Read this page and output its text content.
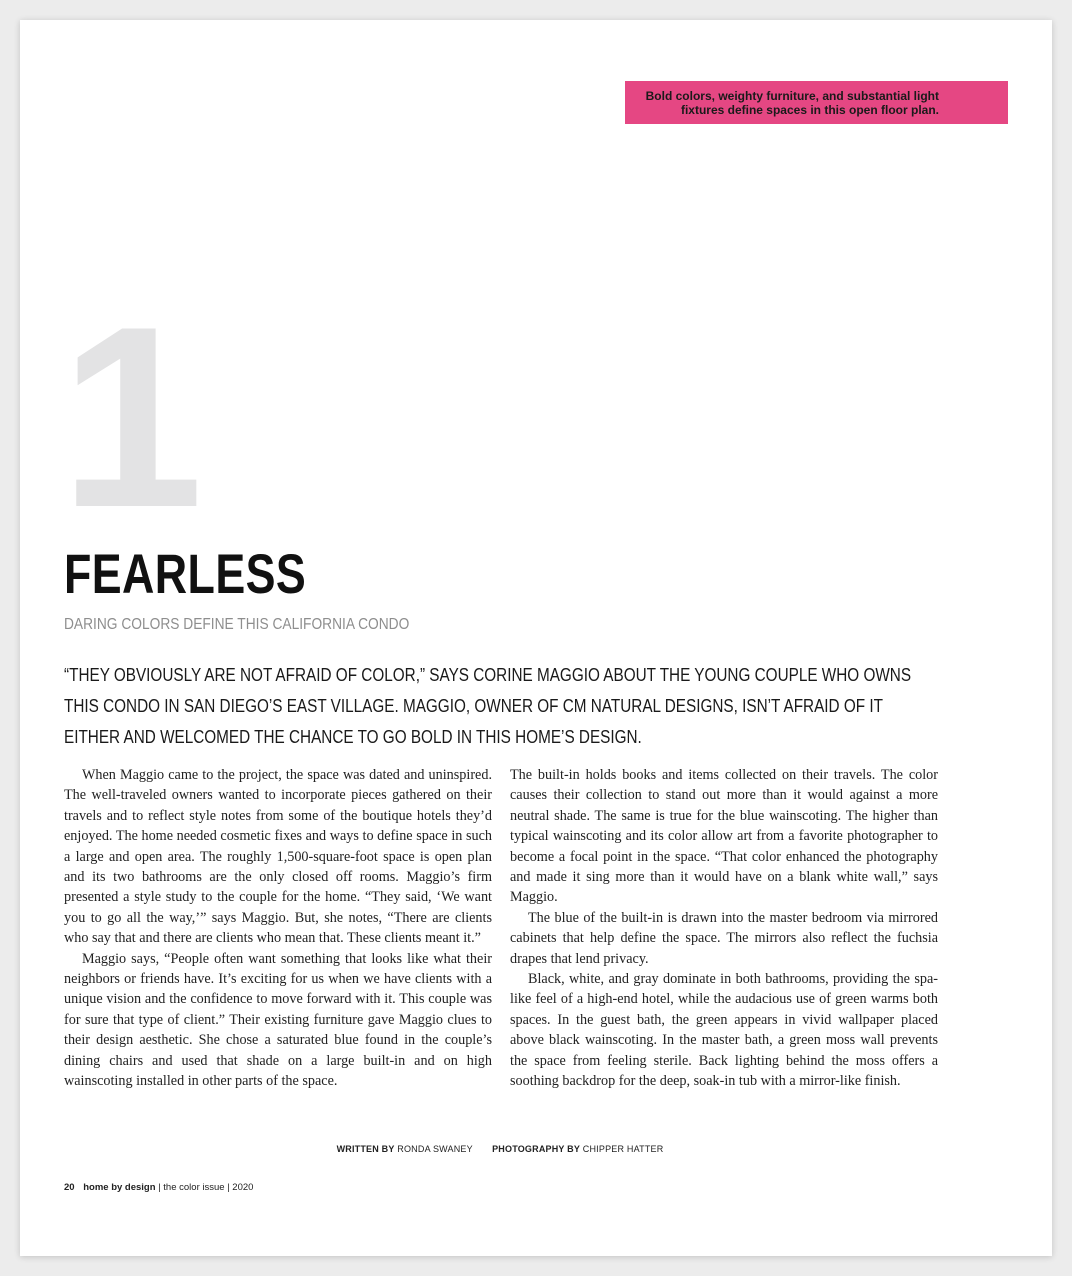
Bold colors, weighty furniture, and substantial light fixtures define spaces in this open floor plan.
1
FEARLESS
DARING COLORS DEFINE THIS CALIFORNIA CONDO
“THEY OBVIOUSLY ARE NOT AFRAID OF COLOR,” SAYS CORINE MAGGIO ABOUT THE YOUNG COUPLE WHO OWNS THIS CONDO IN SAN DIEGO’S EAST VILLAGE. MAGGIO, OWNER OF CM NATURAL DESIGNS, ISN’T AFRAID OF IT EITHER AND WELCOMED THE CHANCE TO GO BOLD IN THIS HOME’S DESIGN.

When Maggio came to the project, the space was dated and uninspired. The well-traveled owners wanted to incorporate pieces gathered on their travels and to reflect style notes from some of the boutique hotels they’d enjoyed. The home needed cosmetic fixes and ways to define space in such a large and open area. The roughly 1,500-square-foot space is open plan and its two bathrooms are the only closed off rooms. Maggio’s firm presented a style study to the couple for the home. “They said, ‘We want you to go all the way,’” says Maggio. But, she notes, “There are clients who say that and there are clients who mean that. These clients meant it.”

Maggio says, “People often want something that looks like what their neighbors or friends have. It’s exciting for us when we have clients with a unique vision and the confidence to move forward with it. This couple was for sure that type of client.” Their existing furniture gave Maggio clues to their design aesthetic. She chose a saturated blue found in the couple’s dining chairs and used that shade on a large built-in and on high wainscoting installed in other parts of the space.

The built-in holds books and items collected on their travels. The color causes their collection to stand out more than it would against a more neutral shade. The same is true for the blue wainscoting. The higher than typical wainscoting and its color allow art from a favorite photographer to become a focal point in the space. “That color enhanced the photography and made it sing more than it would have on a blank white wall,” says Maggio.

The blue of the built-in is drawn into the master bedroom via mirrored cabinets that help define the space. The mirrors also reflect the fuchsia drapes that lend privacy.

Black, white, and gray dominate in both bathrooms, providing the spa-like feel of a high-end hotel, while the audacious use of green warms both spaces. In the guest bath, the green appears in vivid wallpaper placed above black wainscoting. In the master bath, a green moss wall prevents the space from feeling sterile. Back lighting behind the moss offers a soothing backdrop for the deep, soak-in tub with a mirror-like finish.

WRITTEN BY RONDA SWANEY PHOTOGRAPHY BY CHIPPER HATTER
20 home by design | the color issue | 2020
